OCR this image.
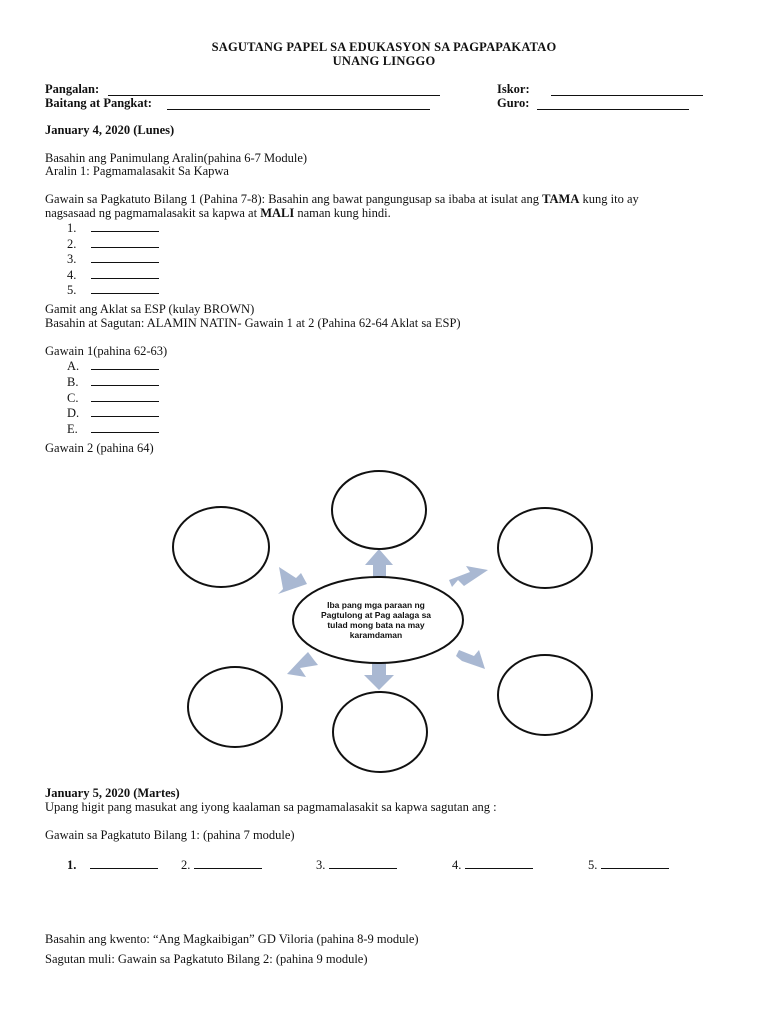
SAGUTANG PAPEL SA EDUKASYON SA PAGPAPAKATAO
UNANG LINGGO
Pangalan:	Iskor:
Baitang at Pangkat:	Guro:
January 4, 2020 (Lunes)
Basahin ang Panimulang Aralin(pahina 6-7 Module)
Aralin 1: Pagmamalasakit Sa Kapwa
Gawain sa Pagkatuto Bilang 1 (Pahina 7-8): Basahin ang bawat pangungusap sa ibaba at isulat ang TAMA kung ito ay
nagsasaad ng pagmamalasakit sa kapwa at MALI naman kung hindi.
1.
2.
3.
4.
5.
Gamit ang Aklat sa ESP (kulay BROWN)
Basahin at Sagutan: ALAMIN NATIN- Gawain 1 at 2 (Pahina 62-64 Aklat sa ESP)
Gawain 1(pahina 62-63)
A.
B.
C.
D.
E.
Gawain 2 (pahina 64)
Iba pang mga paraan ng
Pagtulong at Pag aalaga sa
tulad mong bata na may
karamdaman
January 5, 2020 (Martes)
Upang higit pang masukat ang iyong kaalaman sa pagmamalasakit sa kapwa sagutan ang :
Gawain sa Pagkatuto Bilang 1: (pahina 7 module)
1.	2.	3.	4.	5.
Basahin ang kwento: “Ang Magkaibigan” GD Viloria (pahina 8-9 module)
Sagutan muli: Gawain sa Pagkatuto Bilang 2: (pahina 9 module)
